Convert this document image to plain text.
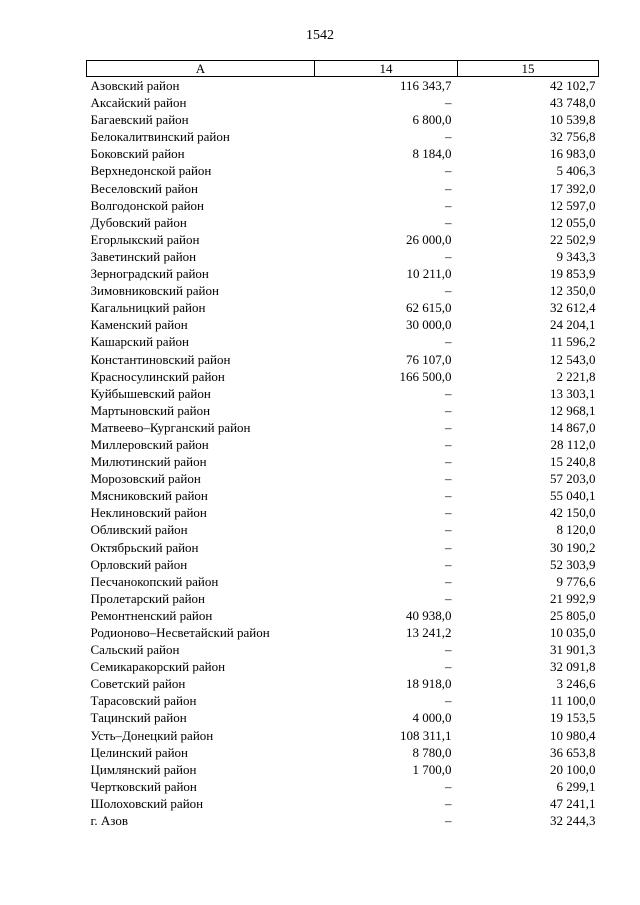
1542
А	14	15
Азовский район	116 343,7	42 102,7
Аксайский район	–	43 748,0
Багаевский район	6 800,0	10 539,8
Белокалитвинский район	–	32 756,8
Боковский район	8 184,0	16 983,0
Верхнедонской район	–	5 406,3
Веселовский район	–	17 392,0
Волгодонской район	–	12 597,0
Дубовский район	–	12 055,0
Егорлыкский район	26 000,0	22 502,9
Заветинский район	–	9 343,3
Зерноградский район	10 211,0	19 853,9
Зимовниковский район	–	12 350,0
Кагальницкий район	62 615,0	32 612,4
Каменский район	30 000,0	24 204,1
Кашарский район	–	11 596,2
Константиновский район	76 107,0	12 543,0
Красносулинский район	166 500,0	2 221,8
Куйбышевский район	–	13 303,1
Мартыновский район	–	12 968,1
Матвеево–Курганский район	–	14 867,0
Миллеровский район	–	28 112,0
Милютинский район	–	15 240,8
Морозовский район	–	57 203,0
Мясниковский район	–	55 040,1
Неклиновский район	–	42 150,0
Обливский район	–	8 120,0
Октябрьский район	–	30 190,2
Орловский район	–	52 303,9
Песчанокопский район	–	9 776,6
Пролетарский район	–	21 992,9
Ремонтненский район	40 938,0	25 805,0
Родионово–Несветайский район	13 241,2	10 035,0
Сальский район	–	31 901,3
Семикаракорский район	–	32 091,8
Советский район	18 918,0	3 246,6
Тарасовский район	–	11 100,0
Тацинский район	4 000,0	19 153,5
Усть–Донецкий район	108 311,1	10 980,4
Целинский район	8 780,0	36 653,8
Цимлянский район	1 700,0	20 100,0
Чертковский район	–	6 299,1
Шолоховский район	–	47 241,1
г. Азов	–	32 244,3
